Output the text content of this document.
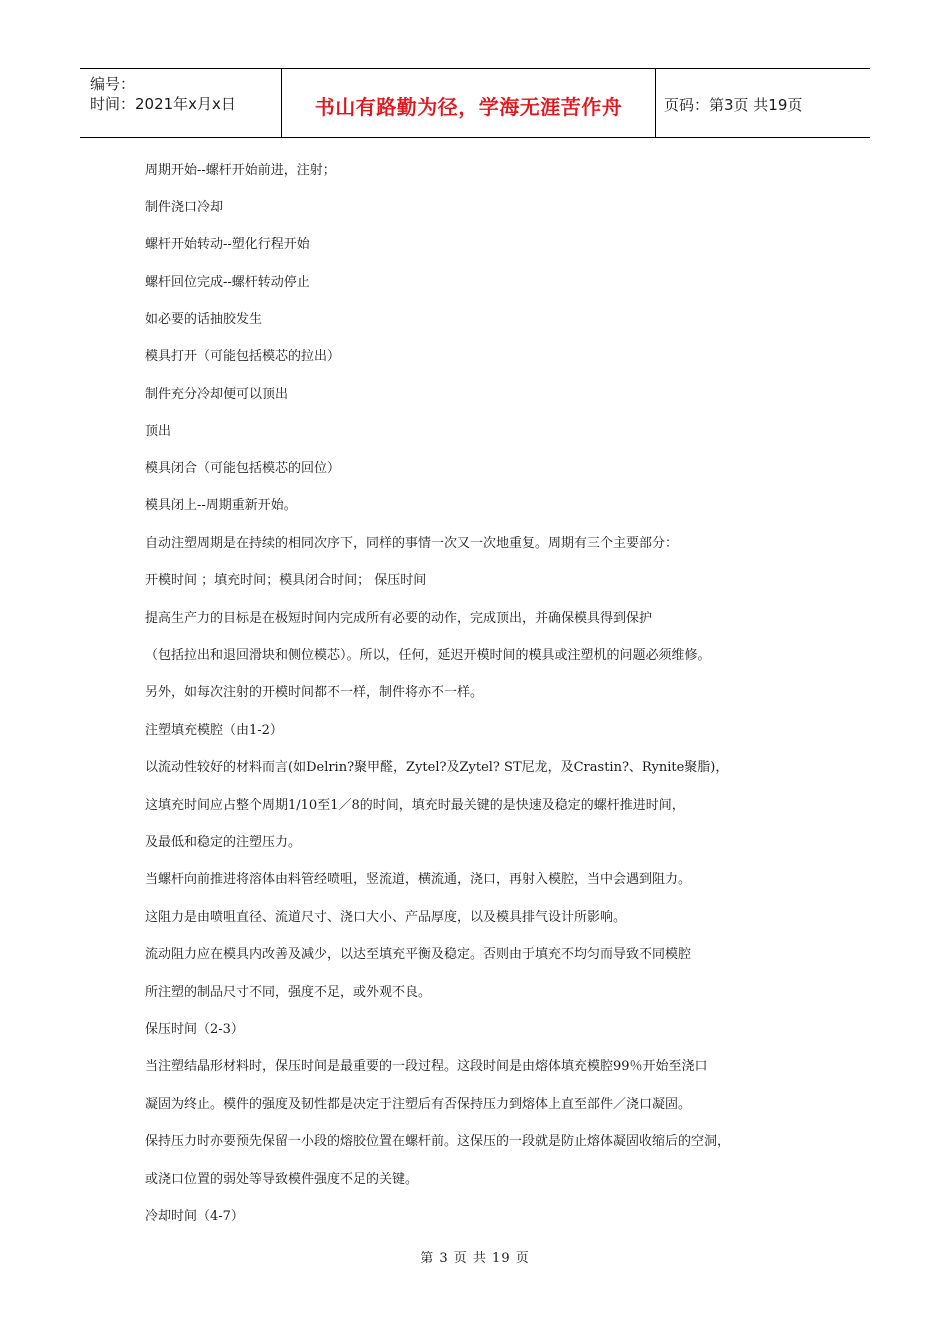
编号：
时间：2021年x月x日	书山有路勤为径，学海无涯苦作舟	页码：第3页 共19页
周期开始--螺杆开始前进，注射；
制件浇口冷却
螺杆开始转动--塑化行程开始
螺杆回位完成--螺杆转动停止
如必要的话抽胶发生
模具打开（可能包括模芯的拉出）
制件充分冷却便可以顶出
顶出
模具闭合（可能包括模芯的回位）
模具闭上--周期重新开始。
自动注塑周期是在持续的相同次序下，同样的事情一次又一次地重复。周期有三个主要部分：
开模时间 ；填充时间；模具闭合时间； 保压时间
提高生产力的目标是在极短时间内完成所有必要的动作，完成顶出，并确保模具得到保护
（包括拉出和退回滑块和侧位模芯）。所以，任何，延迟开模时间的模具或注塑机的问题必须维修。
另外，如每次注射的开模时间都不一样，制件将亦不一样。
注塑填充模腔（由1-2）
以流动性较好的材料而言(如Delrin?聚甲醛，Zytel?及Zytel? ST尼龙，及Crastin?、Rynite聚脂)，
这填充时间应占整个周期1/10至1／8的时间，填充时最关键的是快速及稳定的螺杆推进时间，
及最低和稳定的注塑压力。
当螺杆向前推进将溶体由料管经喷咀，竖流道，横流通，浇口，再射入模腔，当中会遇到阻力。
这阻力是由喷咀直径、流道尺寸、浇口大小、产品厚度，以及模具排气设计所影响。
流动阻力应在模具内改善及减少，以达至填充平衡及稳定。否则由于填充不均匀而导致不同模腔
所注塑的制品尺寸不同，强度不足，或外观不良。
保压时间（2-3）
当注塑结晶形材料时，保压时间是最重要的一段过程。这段时间是由熔体填充模腔99％开始至浇口
凝固为终止。模件的强度及韧性都是决定于注塑后有否保持压力到熔体上直至部件／浇口凝固。
保持压力时亦要预先保留一小段的熔胶位置在螺杆前。这保压的一段就是防止熔体凝固收缩后的空洞，
或浇口位置的弱处等导致模件强度不足的关键。
冷却时间（4-7）
第 3 页 共 19 页
